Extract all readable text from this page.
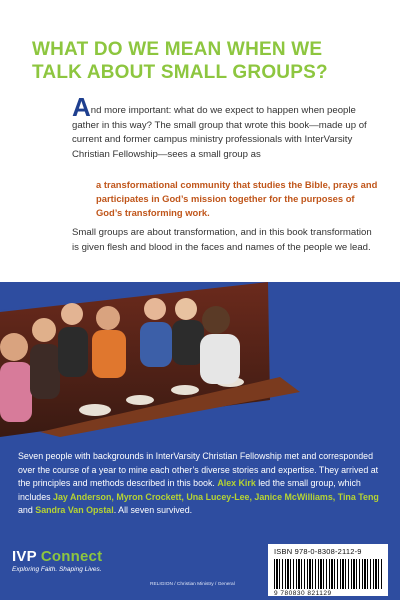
WHAT DO WE MEAN WHEN WE
TALK ABOUT SMALL GROUPS?
And more important: what do we expect to happen when people gather in this way? The small group that wrote this book—made up of current and former campus ministry professionals with InterVarsity Christian Fellowship—sees a small group as
a transformational community that studies the Bible, prays and participates in God’s mission together for the purposes of God’s transforming work.
Small groups are about transformation, and in this book transformation is given flesh and blood in the faces and names of the people we lead.
Seven people with backgrounds in InterVarsity Christian Fellowship met and corresponded over the course of a year to mine each other’s diverse stories and expertise. They arrived at the principles and methods described in this book. Alex Kirk led the small group, which includes Jay Anderson, Myron Crockett, Una Lucey-Lee, Janice McWilliams, Tina Teng and Sandra Van Opstal. All seven survived.
IVP Connect
Exploring Faith. Shaping Lives.
RELIGION / Christian Ministry / General
ISBN 978-0-8308-2112-9
9 780830 821129
